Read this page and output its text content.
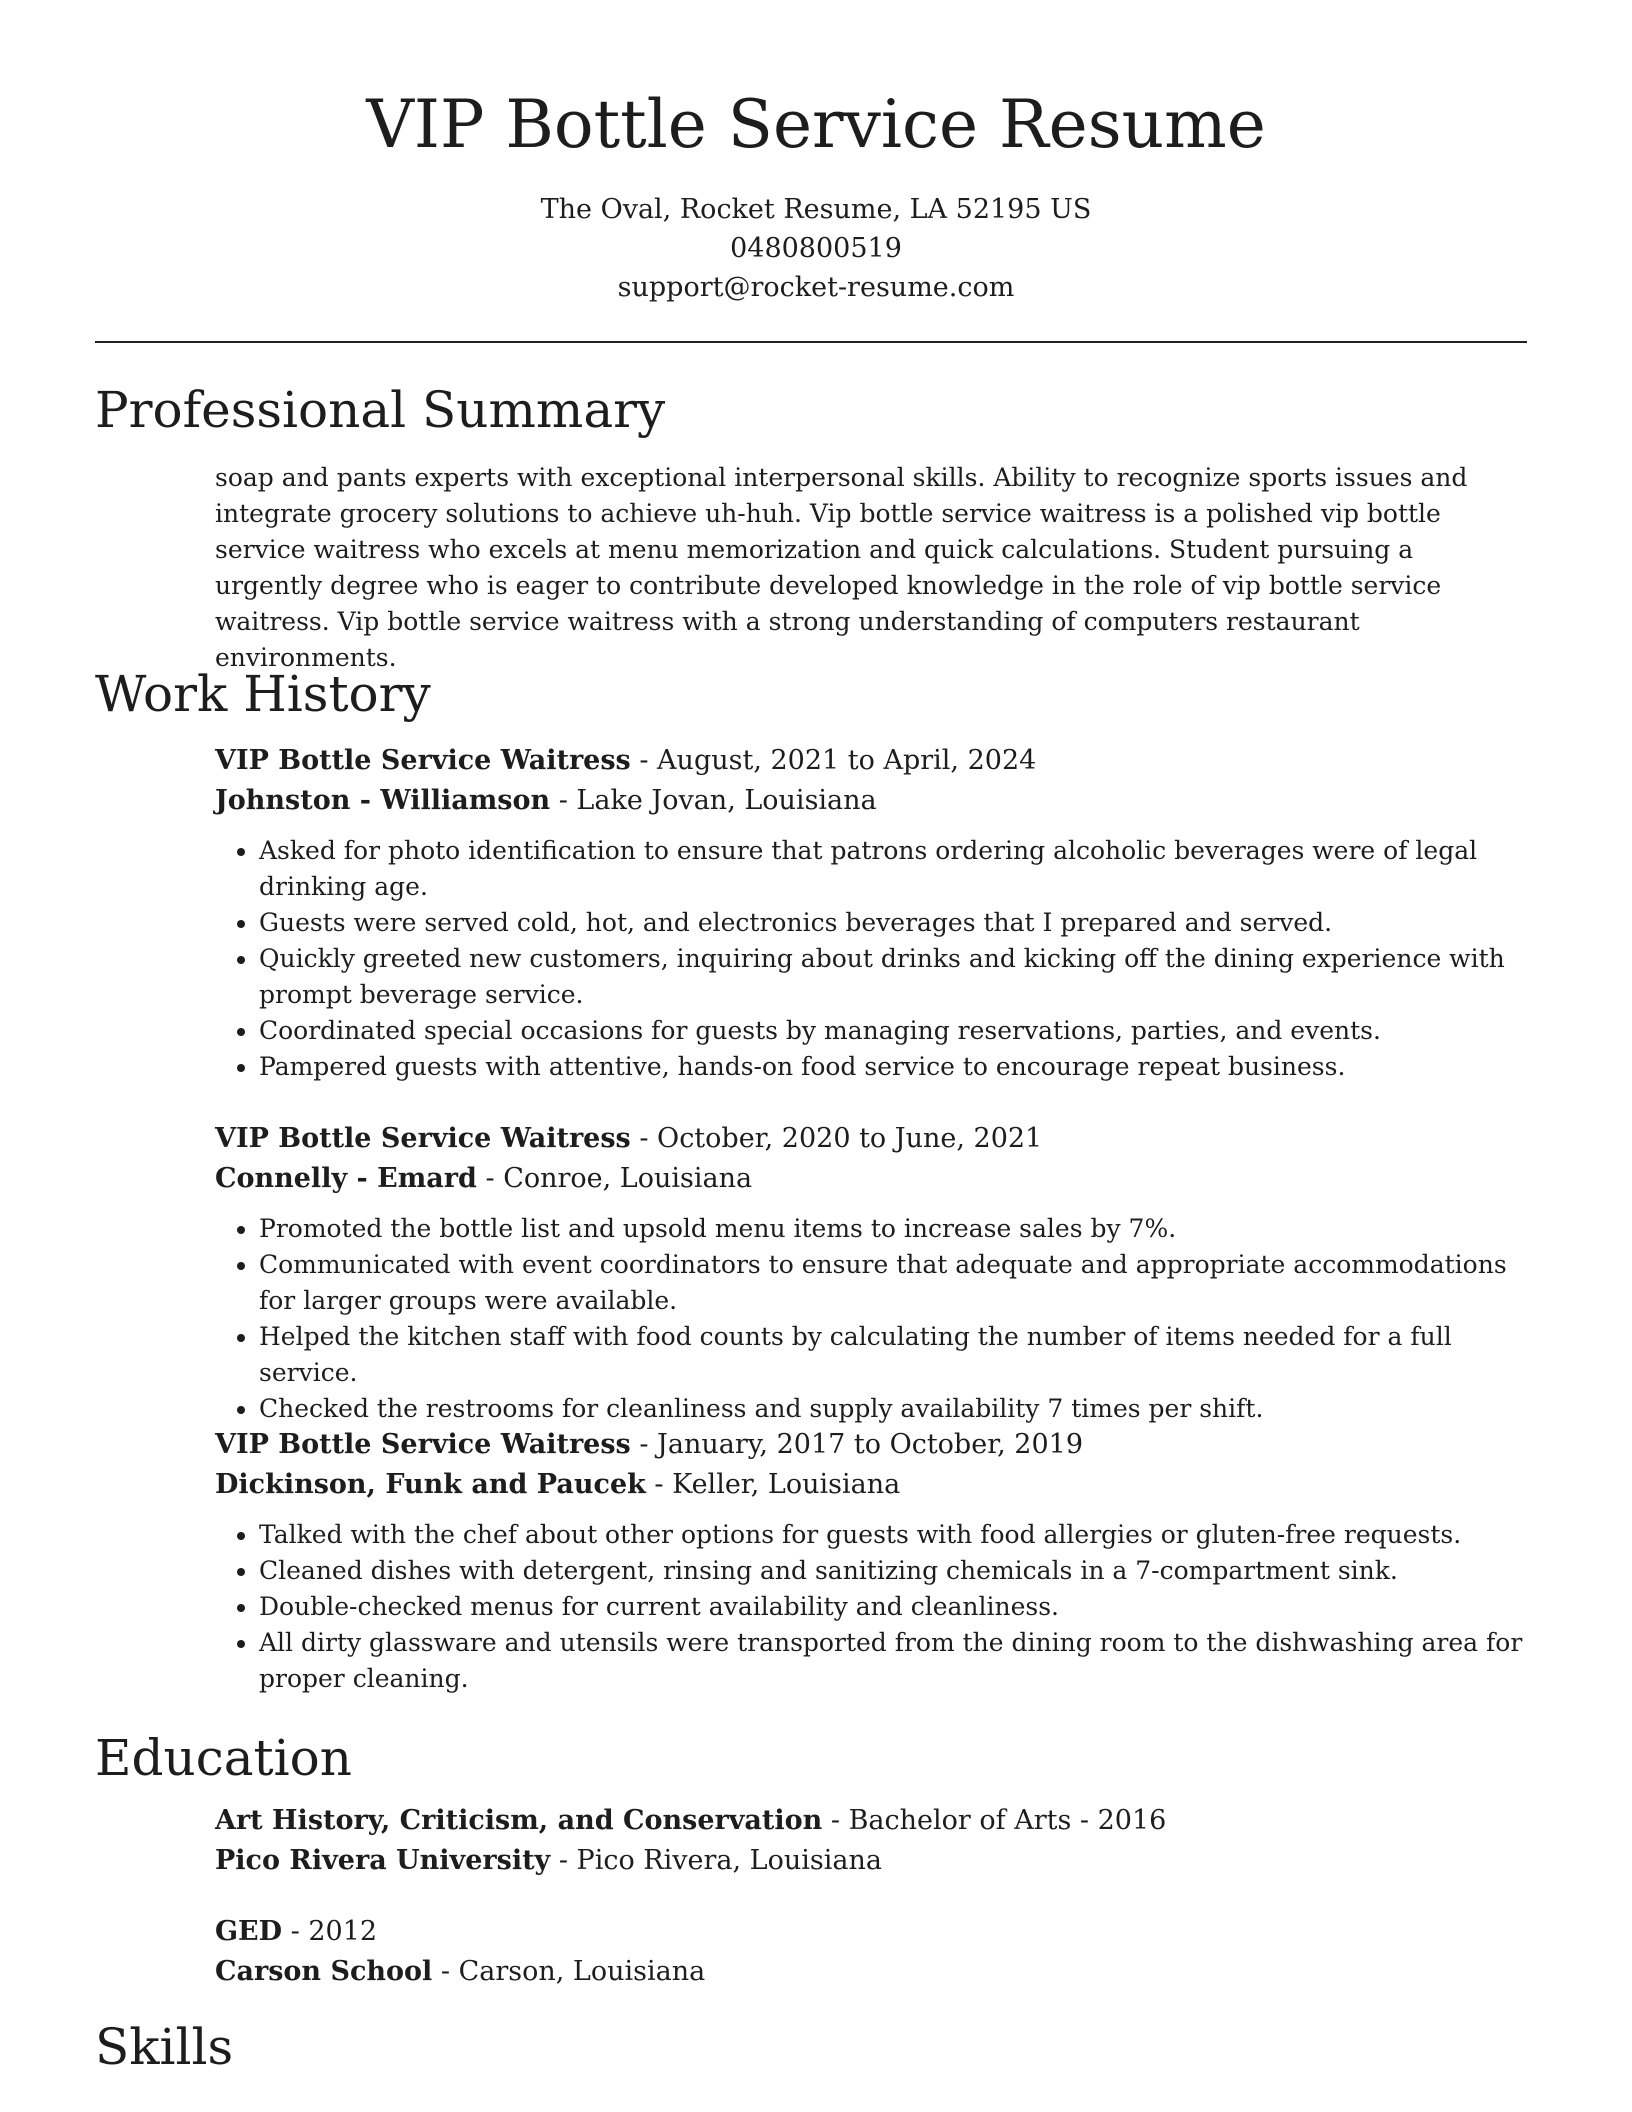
VIP Bottle Service Resume
The Oval, Rocket Resume, LA 52195 US
0480800519
support@rocket-resume.com
Professional Summary

soap and pants experts with exceptional interpersonal skills. Ability to recognize sports issues and integrate grocery solutions to achieve uh-huh. Vip bottle service waitress is a polished vip bottle service waitress who excels at menu memorization and quick calculations. Student pursuing a urgently degree who is eager to contribute developed knowledge in the role of vip bottle service waitress. Vip bottle service waitress with a strong understanding of computers restaurant environments.

Work History
VIP Bottle Service Waitress - August, 2021 to April, 2024
Johnston - Williamson - Lake Jovan, Louisiana
• Asked for photo identification to ensure that patrons ordering alcoholic beverages were of legal drinking age.
• Guests were served cold, hot, and electronics beverages that I prepared and served.
• Quickly greeted new customers, inquiring about drinks and kicking off the dining experience with prompt beverage service.
• Coordinated special occasions for guests by managing reservations, parties, and events.
• Pampered guests with attentive, hands-on food service to encourage repeat business.
VIP Bottle Service Waitress - October, 2020 to June, 2021
Connelly - Emard - Conroe, Louisiana
• Promoted the bottle list and upsold menu items to increase sales by 7%.
• Communicated with event coordinators to ensure that adequate and appropriate accommodations for larger groups were available.
• Helped the kitchen staff with food counts by calculating the number of items needed for a full service.
• Checked the restrooms for cleanliness and supply availability 7 times per shift.
VIP Bottle Service Waitress - January, 2017 to October, 2019
Dickinson, Funk and Paucek - Keller, Louisiana
• Talked with the chef about other options for guests with food allergies or gluten-free requests.
• Cleaned dishes with detergent, rinsing and sanitizing chemicals in a 7-compartment sink.
• Double-checked menus for current availability and cleanliness.
• All dirty glassware and utensils were transported from the dining room to the dishwashing area for proper cleaning.
Education
Art History, Criticism, and Conservation - Bachelor of Arts - 2016
Pico Rivera University - Pico Rivera, Louisiana
GED - 2012
Carson School - Carson, Louisiana
Skills
